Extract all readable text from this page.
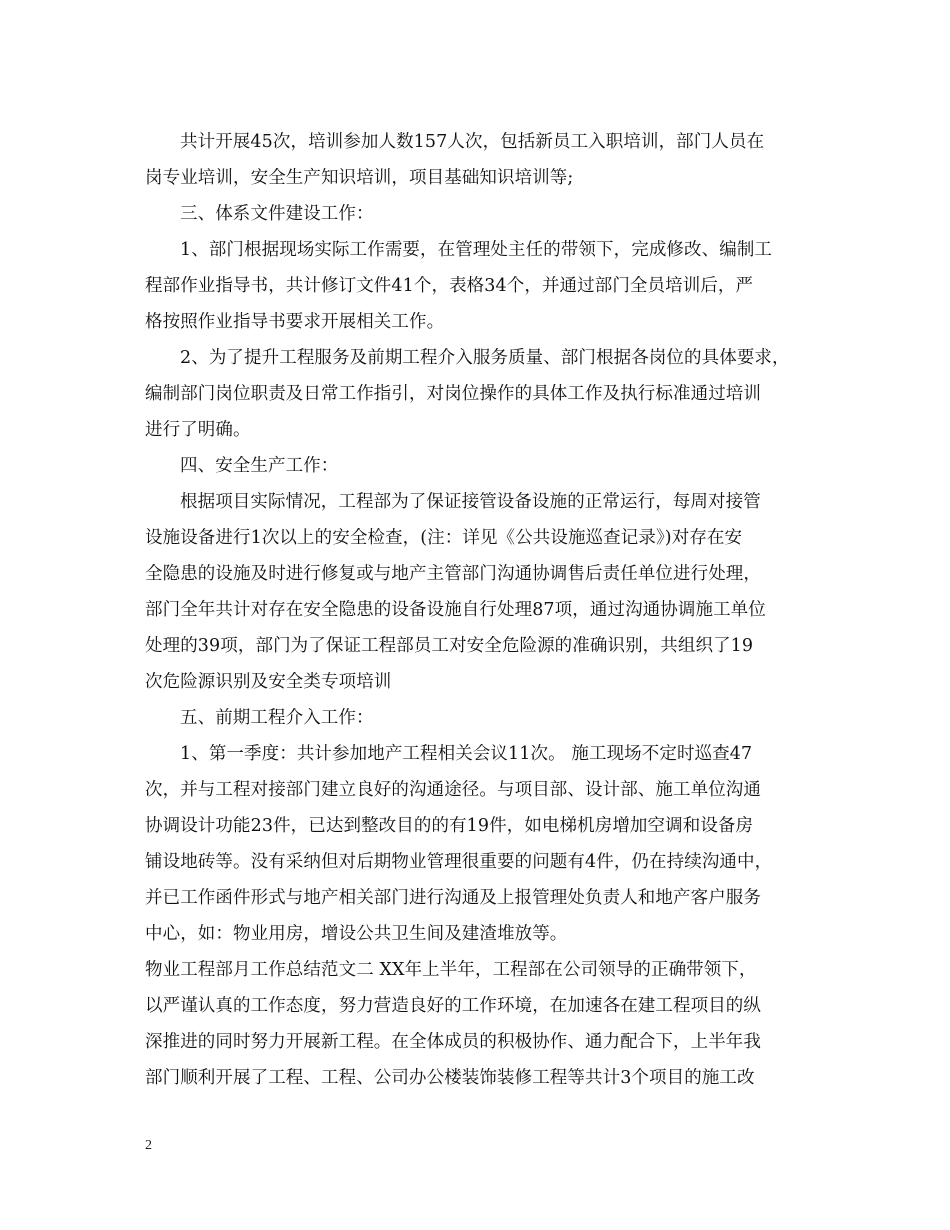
共计开展45次，培训参加人数157人次，包括新员工入职培训，部门人员在
岗专业培训，安全生产知识培训，项目基础知识培训等;
三、体系文件建设工作：
1、部门根据现场实际工作需要，在管理处主任的带领下，完成修改、编制工
程部作业指导书，共计修订文件41个，表格34个，并通过部门全员培训后，严
格按照作业指导书要求开展相关工作。
2、为了提升工程服务及前期工程介入服务质量、部门根据各岗位的具体要求，
编制部门岗位职责及日常工作指引，对岗位操作的具体工作及执行标准通过培训
进行了明确。
四、安全生产工作：
根据项目实际情况，工程部为了保证接管设备设施的正常运行，每周对接管
设施设备进行1次以上的安全检查，(注：详见《公共设施巡查记录》)对存在安
全隐患的设施及时进行修复或与地产主管部门沟通协调售后责任单位进行处理，
部门全年共计对存在安全隐患的设备设施自行处理87项，通过沟通协调施工单位
处理的39项，部门为了保证工程部员工对安全危险源的准确识别，共组织了19
次危险源识别及安全类专项培训
五、前期工程介入工作：
1、第一季度：共计参加地产工程相关会议11次。 施工现场不定时巡查47
次，并与工程对接部门建立良好的沟通途径。与项目部、设计部、施工单位沟通
协调设计功能23件，已达到整改目的的有19件，如电梯机房增加空调和设备房
铺设地砖等。没有采纳但对后期物业管理很重要的问题有4件，仍在持续沟通中，
并已工作函件形式与地产相关部门进行沟通及上报管理处负责人和地产客户服务
中心，如：物业用房，增设公共卫生间及建渣堆放等。
物业工程部月工作总结范文二 XX年上半年，工程部在公司领导的正确带领下，
以严谨认真的工作态度，努力营造良好的工作环境，在加速各在建工程项目的纵
深推进的同时努力开展新工程。在全体成员的积极协作、通力配合下，上半年我
部门顺利开展了工程、工程、公司办公楼装饰装修工程等共计3个项目的施工改
2
